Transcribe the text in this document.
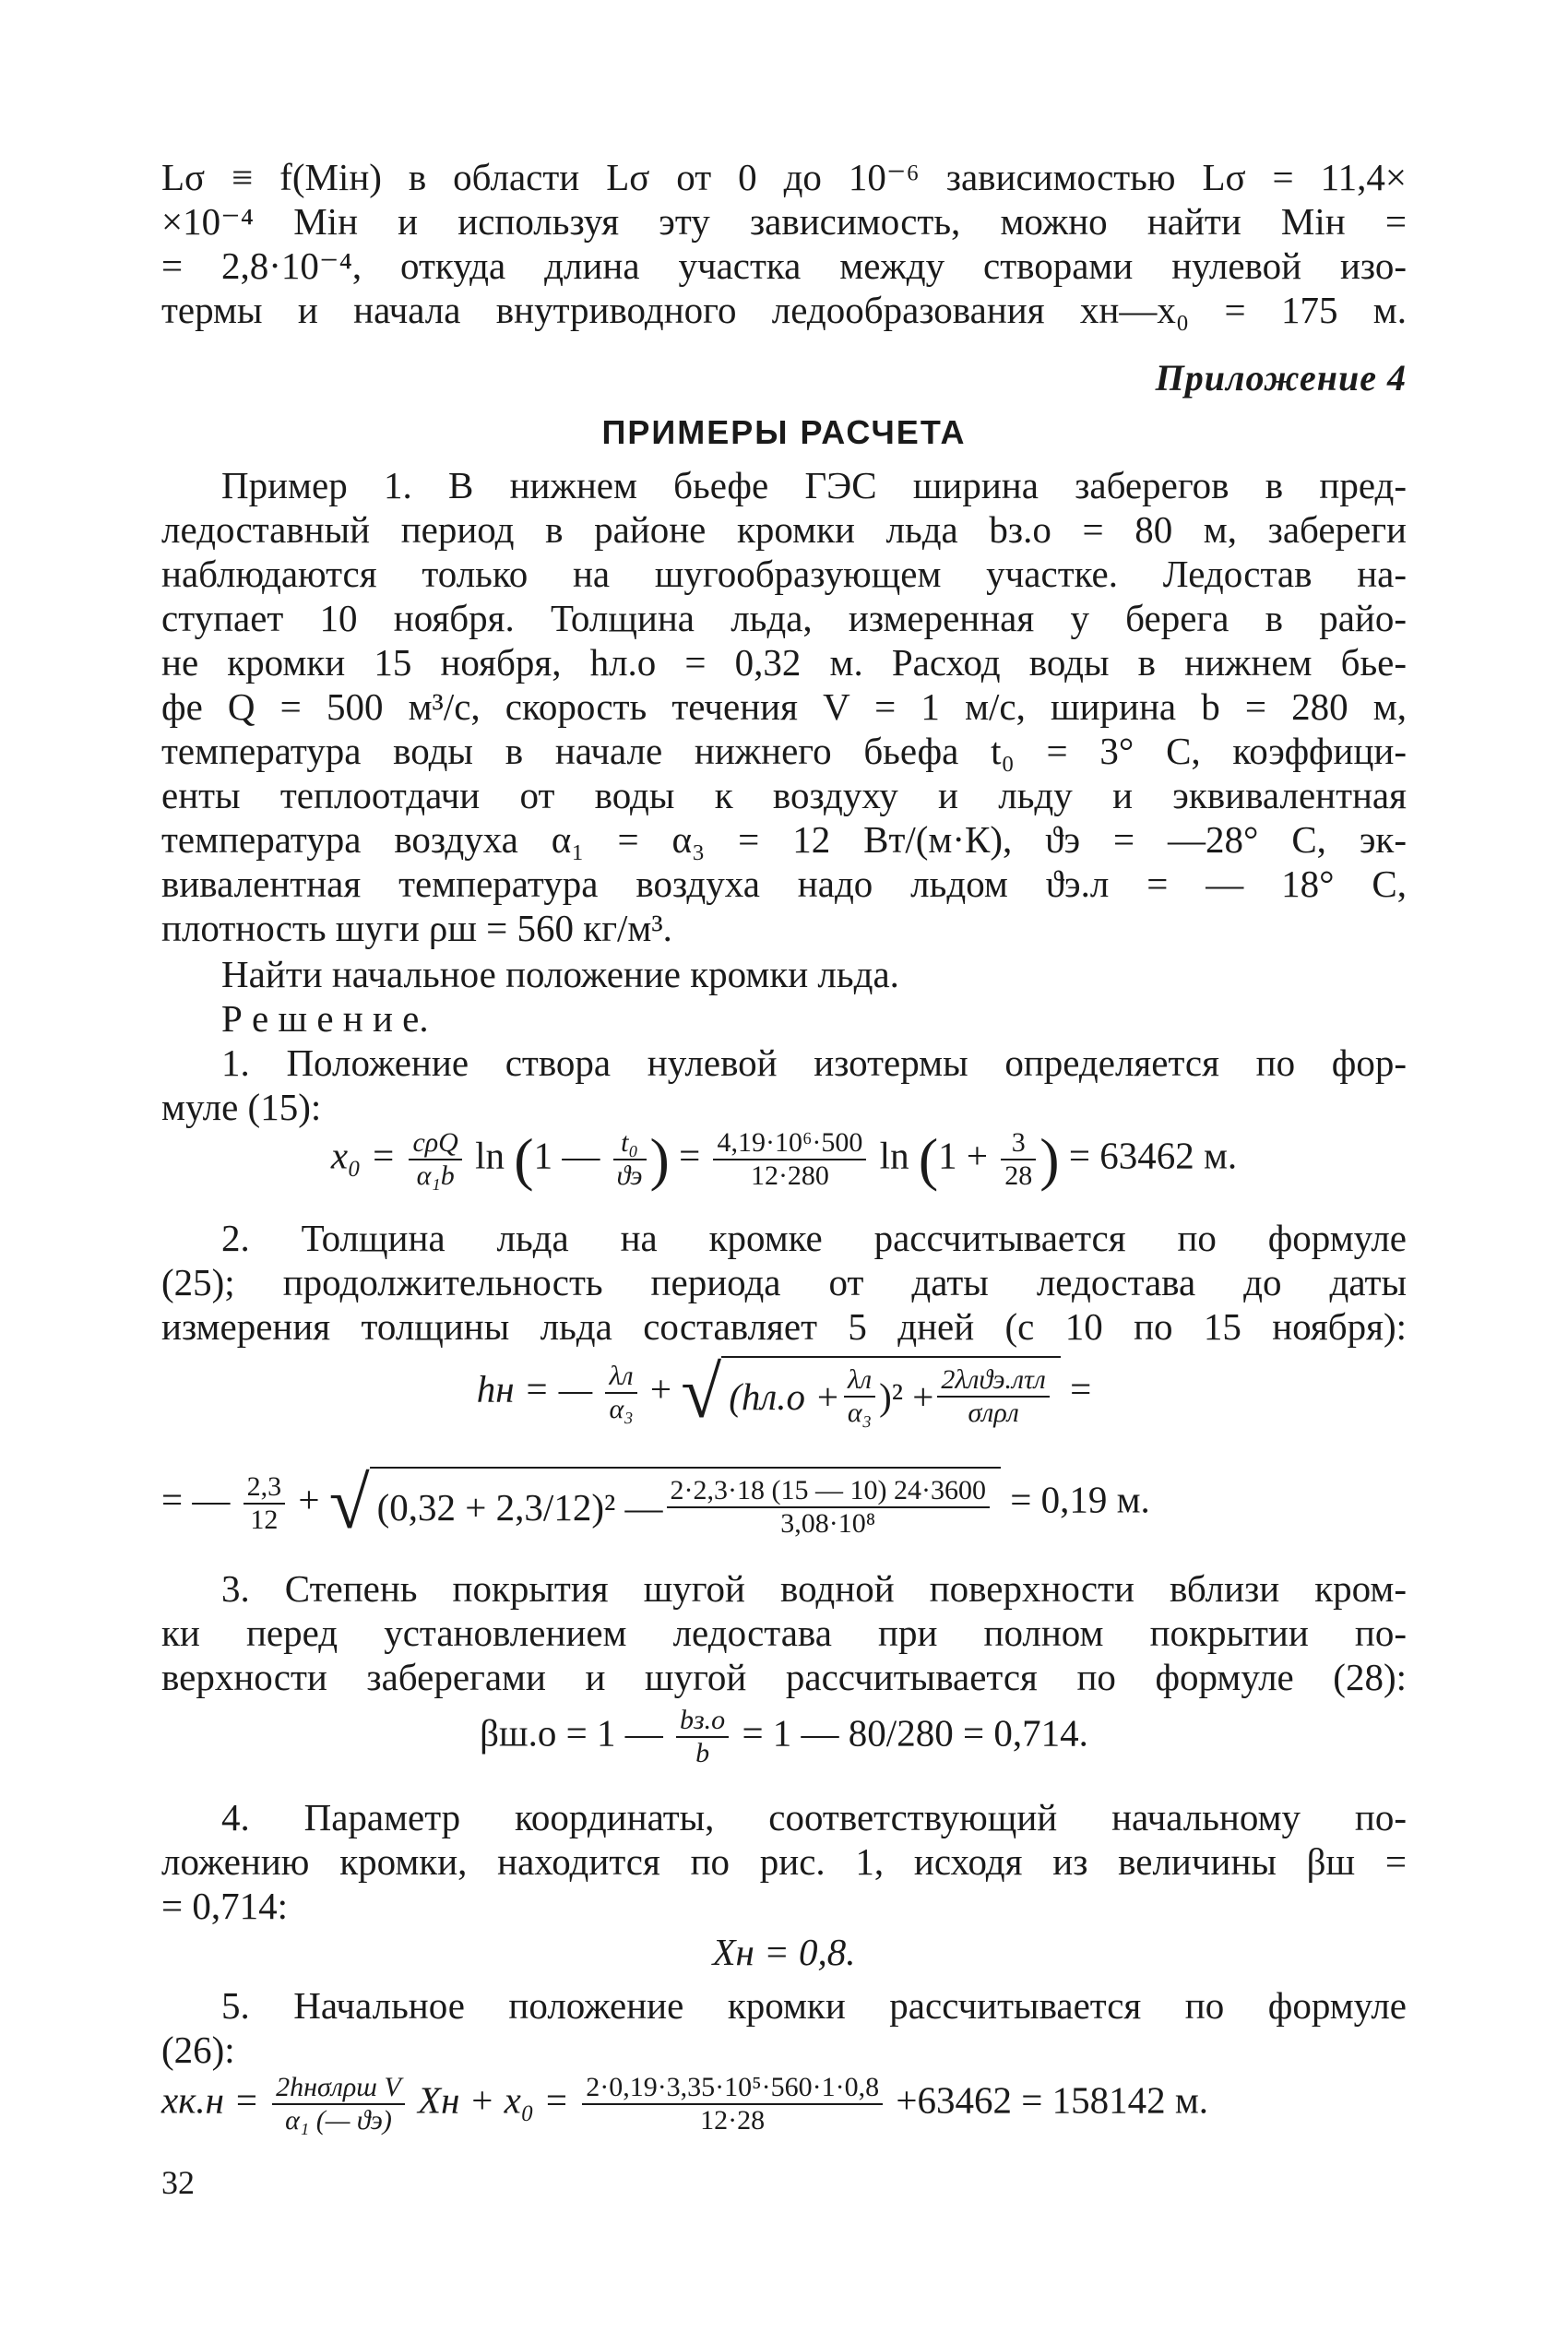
Lσ ≡ f(Miн) в области Lσ от 0 до 10⁻⁶ зависимостью Lσ = 11,4×
×10⁻⁴ Miн и используя эту зависимость, можно найти Miн =
= 2,8·10⁻⁴, откуда длина участка между створами нулевой изо-
термы и начала внутриводного ледообразования xн—x₀ = 175 м.
Приложение 4
ПРИМЕРЫ РАСЧЕТА
Пример 1. В нижнем бьефе ГЭС ширина заберегов в пред-
ледоставный период в районе кромки льда bз.о = 80 м, забереги
наблюдаются только на шугообразующем участке. Ледостав на-
ступает 10 ноября. Толщина льда, измеренная у берега в райо-
не кромки 15 ноября, hл.о = 0,32 м. Расход воды в нижнем бье-
фе Q = 500 м³/с, скорость течения V = 1 м/с, ширина b = 280 м,
температура воды в начале нижнего бьефа t₀ = 3° С, коэффици-
енты теплоотдачи от воды к воздуху и льду и эквивалентная
температура воздуха α₁ = α₃ = 12 Вт/(м·К), ϑэ = —28° С, эк-
вивалентная температура воздуха надо льдом ϑэ.л = — 18° С,
плотность шуги ρш = 560 кг/м³.
Найти начальное положение кромки льда.
Р е ш е н и е.
1. Положение створа нулевой изотермы определяется по фор-
муле (15):
$x_0 = \frac{\text{cρQ}}{\text{α₁b}}$ ln (1 — $\frac{\text{t₀}}{ϑэ}$ ) = $\frac{\text{4,19·10⁶·500}}{12\cdot 280}$ $\ln (1 + \frac{3}{28}$ ) = 63462 м.
2. Толщина льда на кромке рассчитывается по формуле
(25); продолжительность периода от даты ледостава до даты
измерения толщины льда составляет 5 дней (с 10 по 15 ноября):
hн = — $\frac{\lambda л}{\text{α₃}}$ + √ $(hл.о + \frac{\lambda л}{\text{α₃}} )^2 + \frac{\text{2λлϑэ.лτл}}{\text{σлρл}}$ =
= — $\frac{2,3}{12}$ + √ (0,32 + 2,3/12)² — $\frac{2\cdot 2,3\cdot 18 (15 — 10) 24\cdot 3600}{\text{3,08·10⁸}} = 0,19$ м.
3. Степень покрытия шугой водной поверхности вблизи кром-
ки перед установлением ледостава при полном покрытии по-
верхности заберегами и шугой рассчитывается по формуле (28):
βш.о = 1 — $\frac{bз.о}{b} = 1$ — 80/280 = 0,714.
4. Параметр координаты, соответствующий начальному по-
ложению кромки, находится по рис. 1, исходя из величины βш =
= 0,714:
Xн = 0,8.
5. Начальное положение кромки рассчитывается по формуле
(26):
$xк.н = \frac{\text{2hнσлρш V}}{\text{α₁ (— ϑэ)}}$ Xн + $x_0 = \frac{\text{2·0,19·3,35·10⁵·560·1·0,8}}{12\cdot 28} +63462 = 158142$ м.
32
